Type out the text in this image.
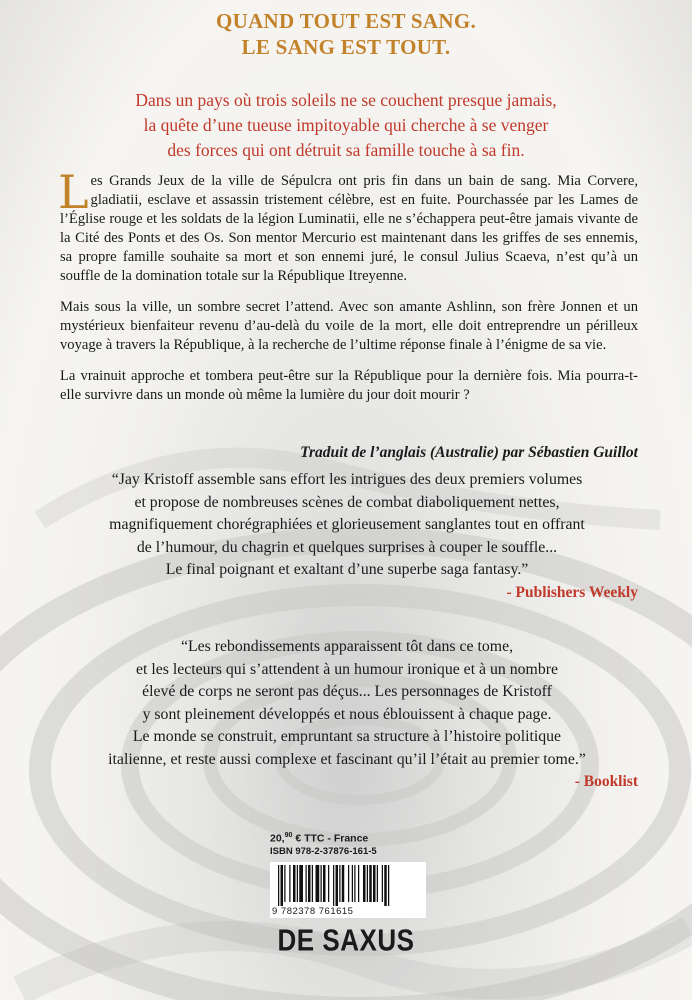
QUAND TOUT EST SANG.
LE SANG EST TOUT.
Dans un pays où trois soleils ne se couchent presque jamais,
la quête d’une tueuse impitoyable qui cherche à se venger
des forces qui ont détruit sa famille touche à sa fin.

Les Grands Jeux de la ville de Sépulcra ont pris fin dans un bain de sang. Mia Corvere, gladiatii, esclave et assassin tristement célèbre, est en fuite. Pourchassée par les Lames de l’Église rouge et les soldats de la légion Luminatii, elle ne s’échappera peut-être jamais vivante de la Cité des Ponts et des Os. Son mentor Mercurio est maintenant dans les griffes de ses ennemis, sa propre famille souhaite sa mort et son ennemi juré, le consul Julius Scaeva, n’est qu’à un souffle de la domination totale sur la République Itreyenne.

Mais sous la ville, un sombre secret l’attend. Avec son amante Ashlinn, son frère Jonnen et un mystérieux bienfaiteur revenu d’au-delà du voile de la mort, elle doit entreprendre un périlleux voyage à travers la République, à la recherche de l’ultime réponse finale à l’énigme de sa vie.

La vrainuit approche et tombera peut-être sur la République pour la dernière fois. Mia pourra-t-elle survivre dans un monde où même la lumière du jour doit mourir ?

Traduit de l’anglais (Australie) par Sébastien Guillot
“Jay Kristoff assemble sans effort les intrigues des deux premiers volumes
et propose de nombreuses scènes de combat diaboliquement nettes,
magnifiquement chorégraphiées et glorieusement sanglantes tout en offrant
de l’humour, du chagrin et quelques surprises à couper le souffle...
Le final poignant et exaltant d’une superbe saga fantasy.”
- Publishers Weekly
“Les rebondissements apparaissent tôt dans ce tome,
et les lecteurs qui s’attendent à un humour ironique et à un nombre
élevé de corps ne seront pas déçus... Les personnages de Kristoff
y sont pleinement développés et nous éblouissent à chaque page.
Le monde se construit, empruntant sa structure à l’histoire politique
italienne, et reste aussi complexe et fascinant qu’il l’était au premier tome.”
- Booklist
20,90 € TTC - France
ISBN 978-2-37876-161-5
9 782378 761615
DE SAXUS
